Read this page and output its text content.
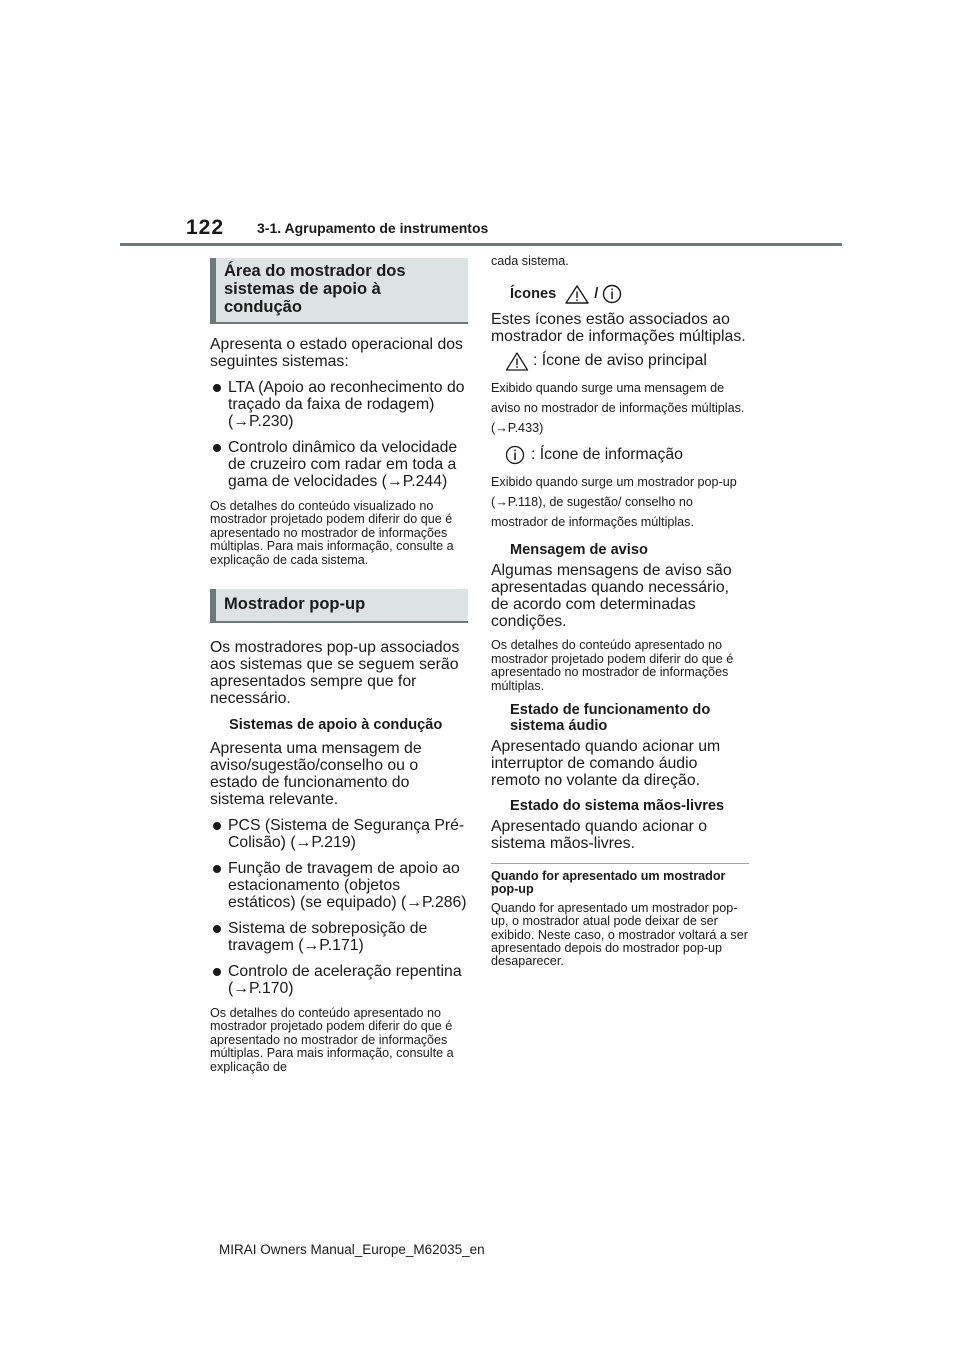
122 3-1. Agrupamento de instrumentos
Área do mostrador dos sistemas de apoio à condução

Apresenta o estado operacional dos seguintes sistemas:

LTA (Apoio ao reconhecimento do traçado da faixa de rodagem) (→P.230)

Controlo dinâmico da velocidade de cruzeiro com radar em toda a gama de velocidades (→P.244)

Os detalhes do conteúdo visualizado no mostrador projetado podem diferir do que é apresentado no mostrador de informações múltiplas. Para mais informação, consulte a explicação de cada sistema.

Mostrador pop-up

Os mostradores pop-up associados aos sistemas que se seguem serão apresentados sempre que for necessário.

Sistemas de apoio à condução

Apresenta uma mensagem de aviso/sugestão/conselho ou o estado de funcionamento do sistema relevante.

PCS (Sistema de Segurança Pré-Colisão) (→P.219)

Função de travagem de apoio ao estacionamento (objetos estáticos) (se equipado) (→P.286)

Sistema de sobreposição de travagem (→P.171)

Controlo de aceleração repentina (→P.170)

Os detalhes do conteúdo apresentado no mostrador projetado podem diferir do que é apresentado no mostrador de informações múltiplas. Para mais informação, consulte a explicação de

cada sistema.

Ícones	/

Estes ícones estão associados ao mostrador de informações múltiplas.

: Ícone de aviso principal

Exibido quando surge uma mensagem de aviso no mostrador de informações múltiplas. (→P.433)

: Ícone de informação

Exibido quando surge um mostrador pop-up (→P.118), de sugestão/ conselho no mostrador de informações múltiplas.

Mensagem de aviso

Algumas mensagens de aviso são apresentadas quando necessário, de acordo com determinadas condições.

Os detalhes do conteúdo apresentado no mostrador projetado podem diferir do que é apresentado no mostrador de informações múltiplas.

Estado de funcionamento do sistema áudio

Apresentado quando acionar um interruptor de comando áudio remoto no volante da direção.

Estado do sistema mãos-livres

Apresentado quando acionar o sistema mãos-livres.

Quando for apresentado um mostrador pop-up

Quando for apresentado um mostrador pop-up, o mostrador atual pode deixar de ser exibido. Neste caso, o mostrador voltará a ser apresentado depois do mostrador pop-up desaparecer.

MIRAI Owners Manual_Europe_M62035_en
